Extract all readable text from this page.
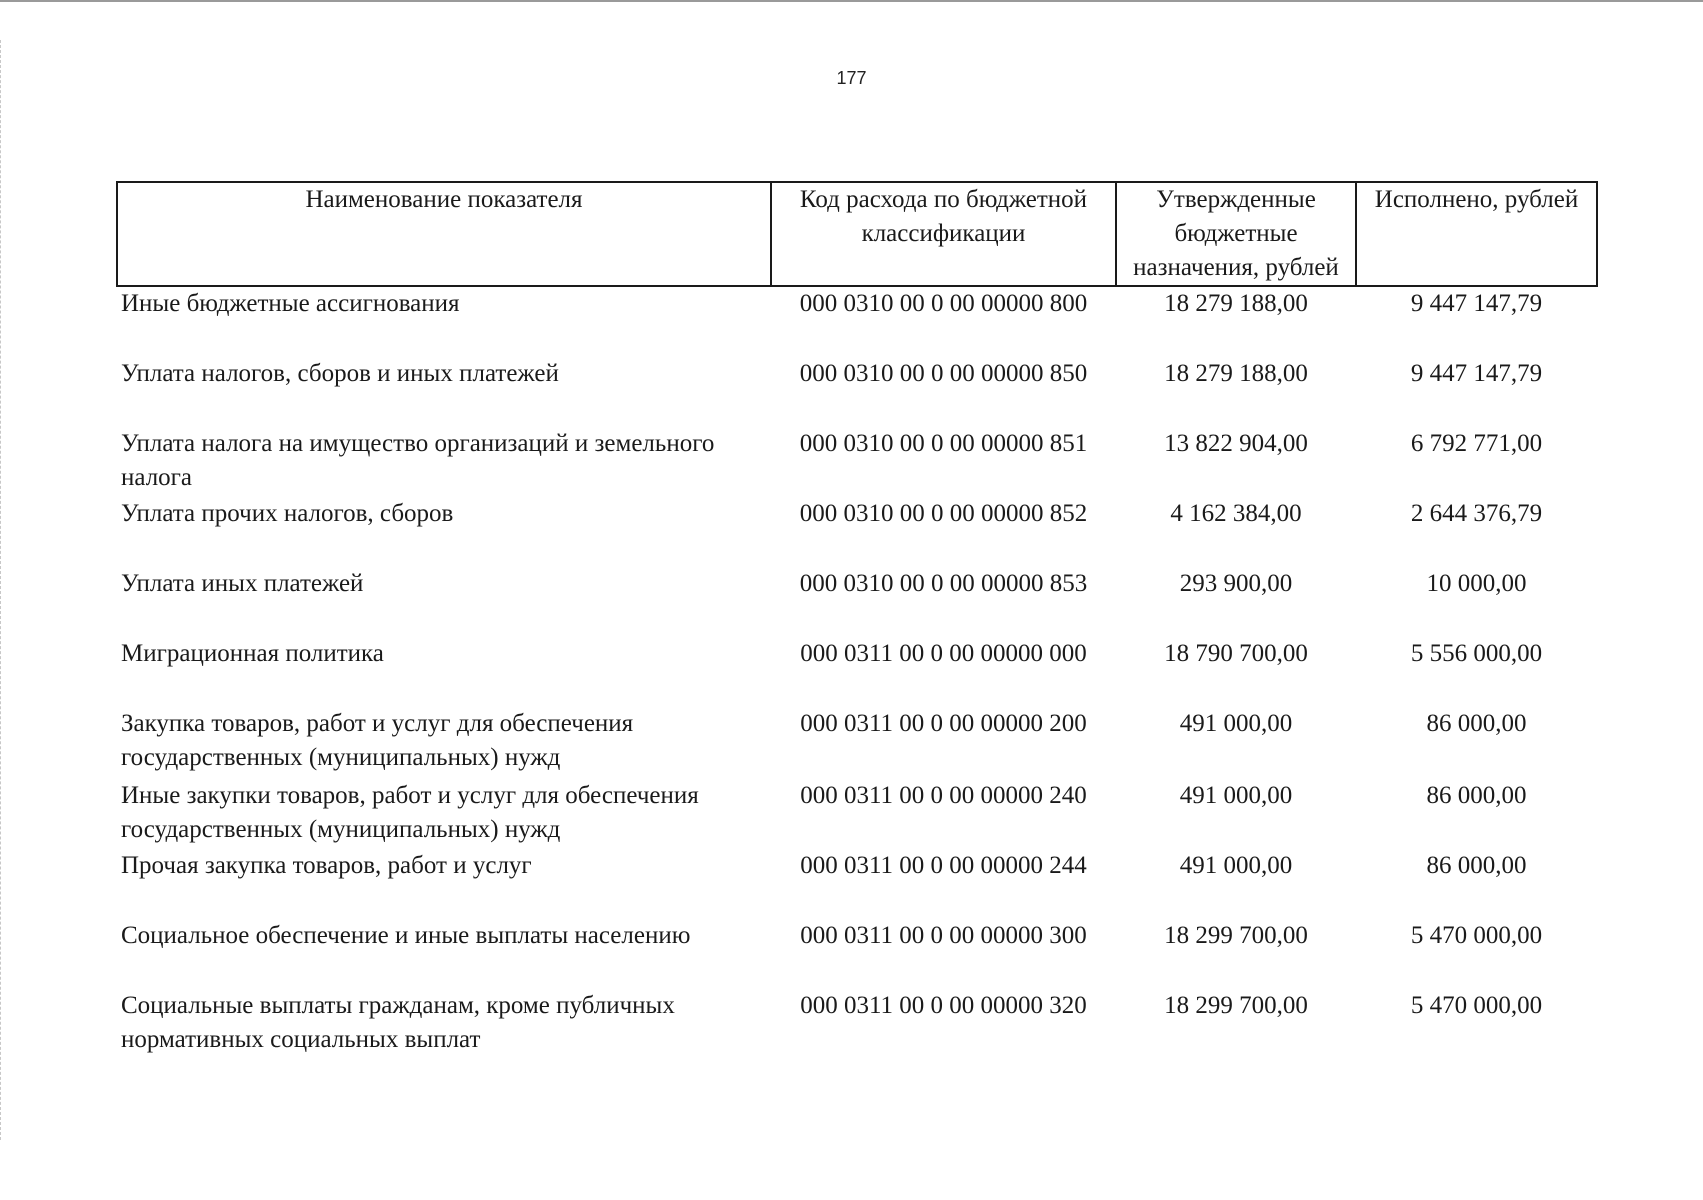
177
Наименование показателя	Код расхода по бюджетной классификации	Утвержденные бюджетные назначения, рублей	Исполнено, рублей
Иные бюджетные ассигнования	000 0310 00 0 00 00000 800	18 279 188,00	9 447 147,79
Уплата налогов, сборов и иных платежей	000 0310 00 0 00 00000 850	18 279 188,00	9 447 147,79
Уплата налога на имущество организаций и земельного налога	000 0310 00 0 00 00000 851	13 822 904,00	6 792 771,00
Уплата прочих налогов, сборов	000 0310 00 0 00 00000 852	4 162 384,00	2 644 376,79
Уплата иных платежей	000 0310 00 0 00 00000 853	293 900,00	10 000,00
Миграционная политика	000 0311 00 0 00 00000 000	18 790 700,00	5 556 000,00
Закупка товаров, работ и услуг для обеспечения государственных (муниципальных) нужд	000 0311 00 0 00 00000 200	491 000,00	86 000,00
Иные закупки товаров, работ и услуг для обеспечения государственных (муниципальных) нужд	000 0311 00 0 00 00000 240	491 000,00	86 000,00
Прочая закупка товаров, работ и услуг	000 0311 00 0 00 00000 244	491 000,00	86 000,00
Социальное обеспечение и иные выплаты населению	000 0311 00 0 00 00000 300	18 299 700,00	5 470 000,00
Социальные выплаты гражданам, кроме публичных нормативных социальных выплат	000 0311 00 0 00 00000 320	18 299 700,00	5 470 000,00
